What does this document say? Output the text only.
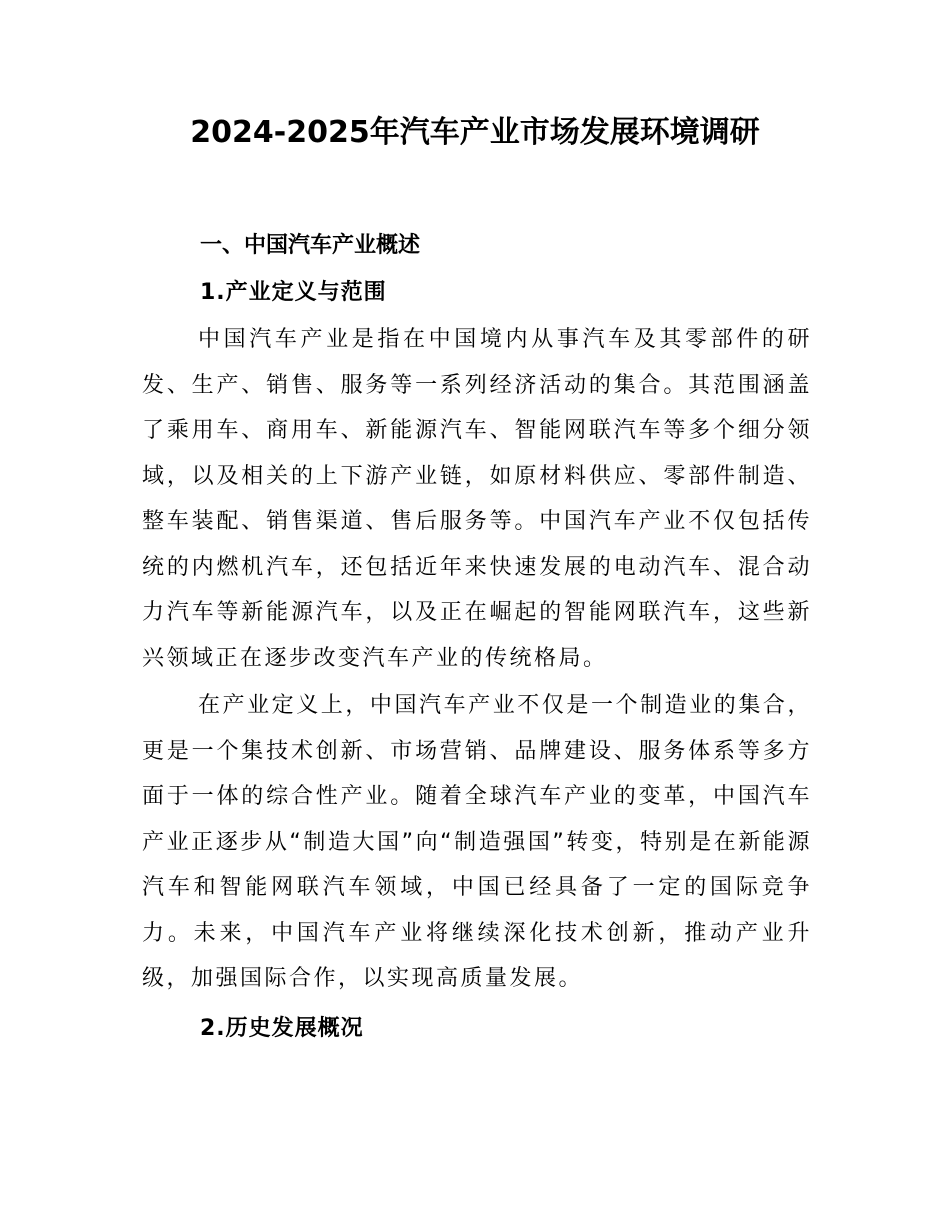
2024-2025年汽车产业市场发展环境调研
一、中国汽车产业概述
1.产业定义与范围

中国汽车产业是指在中国境内从事汽车及其零部件的研发、生产、销售、服务等一系列经济活动的集合。其范围涵盖了乘用车、商用车、新能源汽车、智能网联汽车等多个细分领域，以及相关的上下游产业链，如原材料供应、零部件制造、整车装配、销售渠道、售后服务等。中国汽车产业不仅包括传统的内燃机汽车，还包括近年来快速发展的电动汽车、混合动力汽车等新能源汽车，以及正在崛起的智能网联汽车，这些新兴领域正在逐步改变汽车产业的传统格局。

在产业定义上，中国汽车产业不仅是一个制造业的集合，更是一个集技术创新、市场营销、品牌建设、服务体系等多方面于一体的综合性产业。随着全球汽车产业的变革，中国汽车产业正逐步从“制造大国”向“制造强国”转变，特别是在新能源汽车和智能网联汽车领域，中国已经具备了一定的国际竞争力。未来，中国汽车产业将继续深化技术创新，推动产业升级，加强国际合作，以实现高质量发展。

2.历史发展概况
